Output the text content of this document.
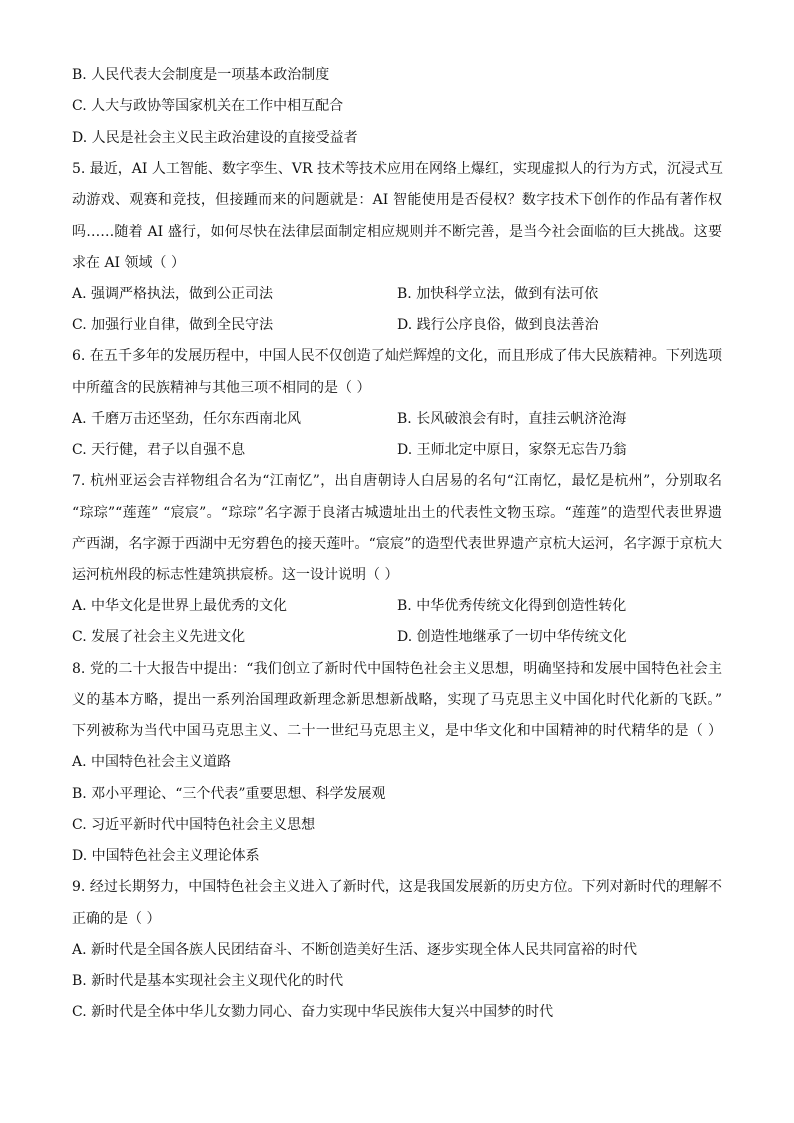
B. 人民代表大会制度是一项基本政治制度
C. 人大与政协等国家机关在工作中相互配合
D. 人民是社会主义民主政治建设的直接受益者
5. 最近，AI 人工智能、数字孪生、VR 技术等技术应用在网络上爆红，实现虚拟人的行为方式，沉浸式互
动游戏、观赛和竞技，但接踵而来的问题就是：AI 智能使用是否侵权？数字技术下创作的作品有著作权
吗……随着 AI 盛行，如何尽快在法律层面制定相应规则并不断完善，是当今社会面临的巨大挑战。这要
求在 AI 领域（ ）
A. 强调严格执法，做到公正司法	B. 加快科学立法，做到有法可依
C. 加强行业自律，做到全民守法	D. 践行公序良俗，做到良法善治
6. 在五千多年的发展历程中，中国人民不仅创造了灿烂辉煌的文化，而且形成了伟大民族精神。下列选项
中所蕴含的民族精神与其他三项不相同的是（ ）
A. 千磨万击还坚劲，任尔东西南北风	B. 长风破浪会有时，直挂云帆济沧海
C. 天行健，君子以自强不息	D. 王师北定中原日，家祭无忘告乃翁
7. 杭州亚运会吉祥物组合名为“江南忆”，出自唐朝诗人白居易的名句“江南忆，最忆是杭州”，分别取名
“琮琮”“莲莲” “宸宸”。“琮琮”名字源于良渚古城遗址出土的代表性文物玉琮。“莲莲”的造型代表世界遗
产西湖，名字源于西湖中无穷碧色的接天莲叶。“宸宸”的造型代表世界遗产京杭大运河，名字源于京杭大
运河杭州段的标志性建筑拱宸桥。这一设计说明（ ）
A. 中华文化是世界上最优秀的文化	B. 中华优秀传统文化得到创造性转化
C. 发展了社会主义先进文化	D. 创造性地继承了一切中华传统文化
8. 党的二十大报告中提出：“我们创立了新时代中国特色社会主义思想，明确坚持和发展中国特色社会主
义的基本方略，提出一系列治国理政新理念新思想新战略，实现了马克思主义中国化时代化新的飞跃。”
下列被称为当代中国马克思主义、二十一世纪马克思主义，是中华文化和中国精神的时代精华的是（ ）
A. 中国特色社会主义道路
B. 邓小平理论、“三个代表”重要思想、科学发展观
C. 习近平新时代中国特色社会主义思想
D. 中国特色社会主义理论体系
9. 经过长期努力，中国特色社会主义进入了新时代，这是我国发展新的历史方位。下列对新时代的理解不
正确的是（ ）
A. 新时代是全国各族人民团结奋斗、不断创造美好生活、逐步实现全体人民共同富裕的时代
B. 新时代是基本实现社会主义现代化的时代
C. 新时代是全体中华儿女勠力同心、奋力实现中华民族伟大复兴中国梦的时代
